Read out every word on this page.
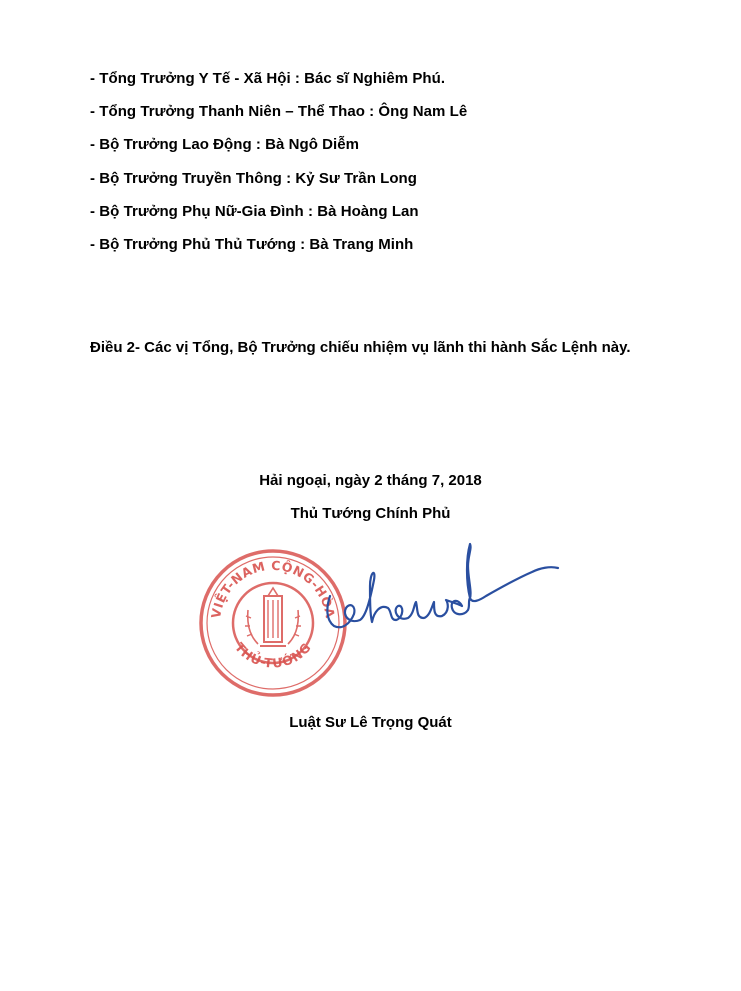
- Tổng Trưởng Y Tế - Xã Hội : Bác sĩ Nghiêm Phú.
- Tổng Trưởng Thanh Niên – Thể Thao : Ông Nam Lê
- Bộ Trưởng Lao Động : Bà Ngô Diễm
- Bộ Trưởng Truyền Thông : Kỷ Sư Trần Long
- Bộ Trưởng Phụ Nữ-Gia Đình : Bà Hoàng Lan
- Bộ Trưởng Phủ Thủ Tướng : Bà Trang Minh
Điều 2- Các vị Tổng, Bộ Trưởng chiếu nhiệm vụ lãnh thi hành Sắc Lệnh này.
Hải ngoại, ngày 2 tháng 7, 2018
Thủ Tướng Chính Phủ
VIỆT-NAM CỘNG-HÒA
THỦ-TƯỚNG
Luật Sư Lê Trọng Quát
